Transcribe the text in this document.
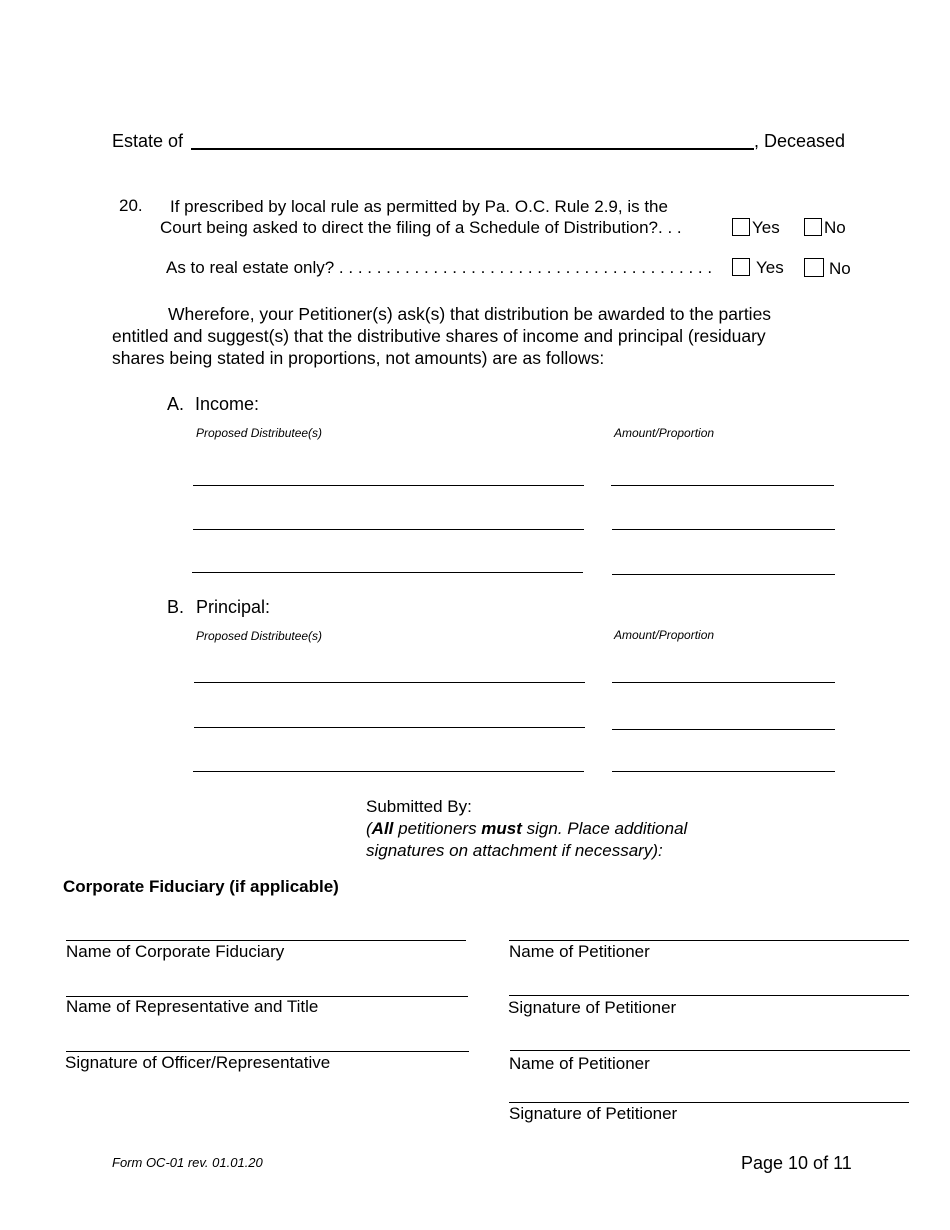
Estate of	, Deceased
20. If prescribed by local rule as permitted by Pa. O.C. Rule 2.9, is the
Court being asked to direct the filing of a Schedule of Distribution?. . .	Yes	No
As to real estate only? . . . . . . . . . . . . . . . . . . . . . . . . . . . . . . . . . . . . . . . .	Yes	No
Wherefore, your Petitioner(s) ask(s) that distribution be awarded to the parties entitled and suggest(s) that the distributive shares of income and principal (residuary shares being stated in proportions, not amounts) are as follows:
A. Income:
Proposed Distributee(s)	Amount/Proportion
B. Principal:
Proposed Distributee(s)	Amount/Proportion
Submitted By:
(All petitioners must sign. Place additional
signatures on attachment if necessary):
Corporate Fiduciary (if applicable)
Name of Corporate Fiduciary
Name of Representative and Title
Signature of Officer/Representative
Name of Petitioner
Signature of Petitioner
Name of Petitioner
Signature of Petitioner
Form OC-01 rev. 01.01.20	Page 10 of 11
